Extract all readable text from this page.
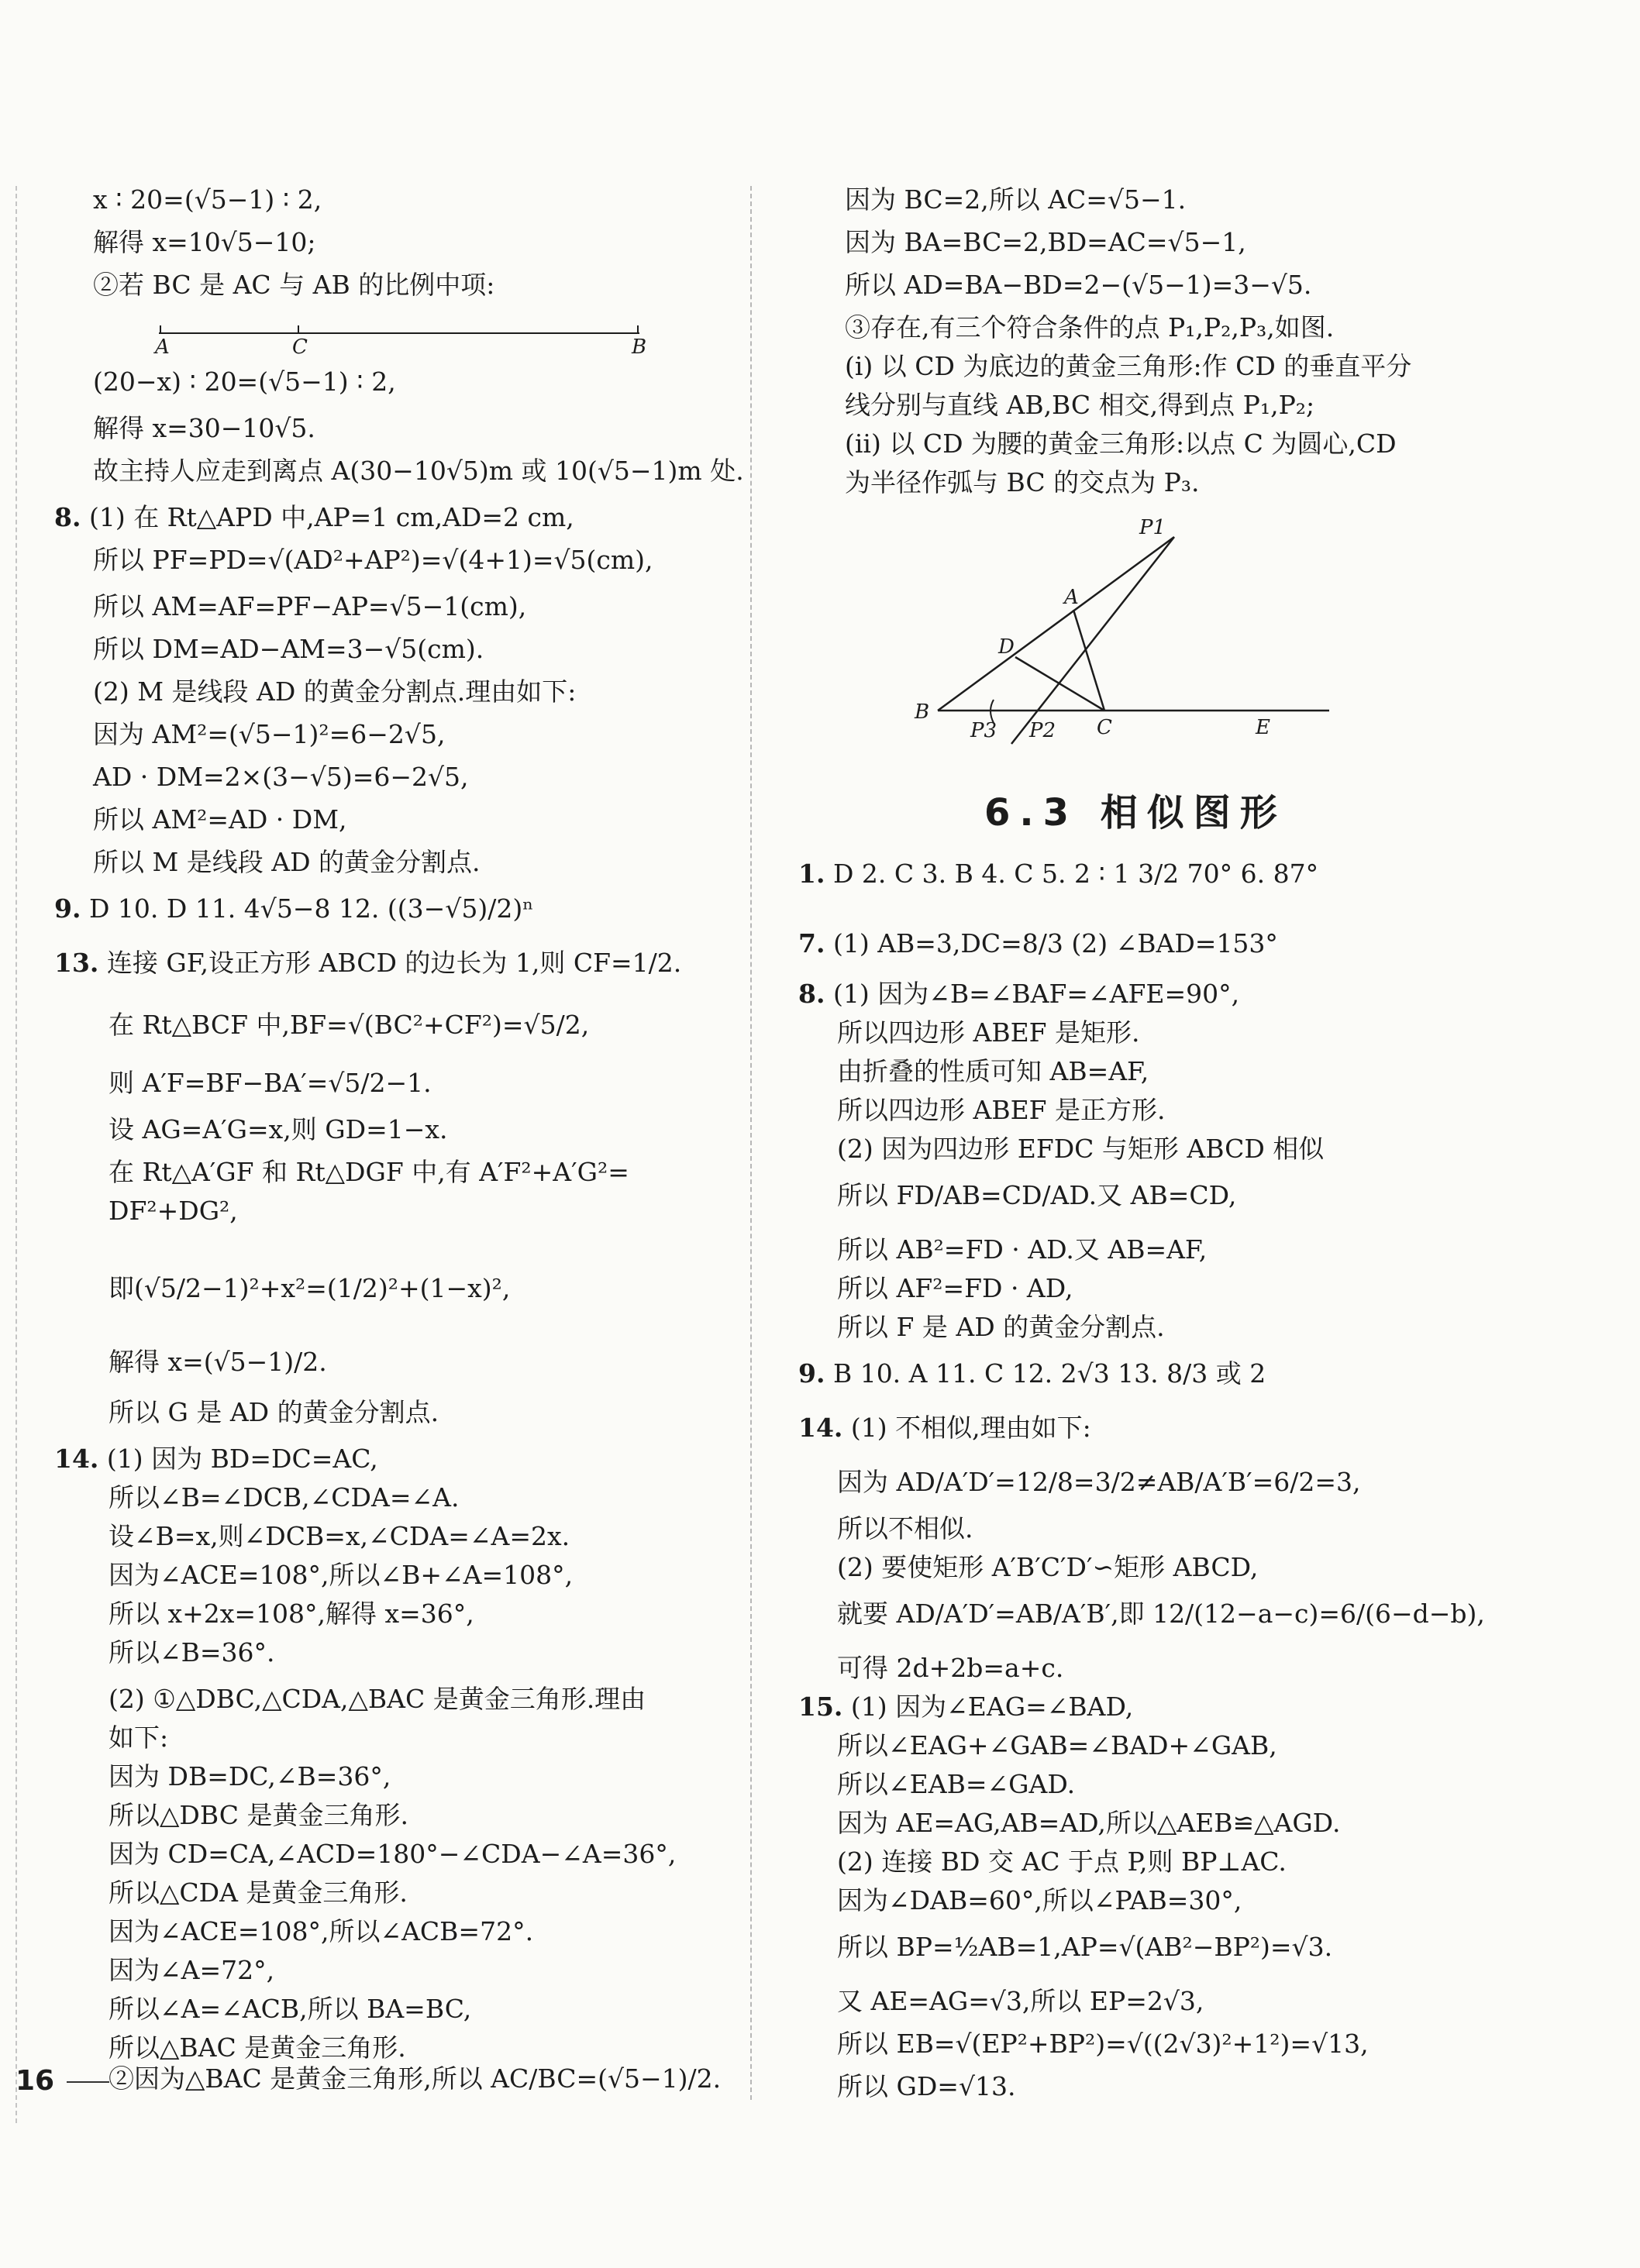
x ∶ 20=(√5−1) ∶ 2,
解得 x=10√5−10;
②若 BC 是 AC 与 AB 的比例中项:
(20−x) ∶ 20=(√5−1) ∶ 2,
解得 x=30−10√5.
故主持人应走到离点 A(30−10√5)m 或 10(√5−1)m 处.
8. (1) 在 Rt△APD 中,AP=1 cm,AD=2 cm,
所以 PF=PD=√(AD²+AP²)=√(4+1)=√5(cm),
所以 AM=AF=PF−AP=√5−1(cm),
所以 DM=AD−AM=3−√5(cm).
(2) M 是线段 AD 的黄金分割点.理由如下:
因为 AM²=(√5−1)²=6−2√5,
AD · DM=2×(3−√5)=6−2√5,
所以 AM²=AD · DM,
所以 M 是线段 AD 的黄金分割点.
9. D 10. D 11. 4√5−8 12. ((3−√5)/2)ⁿ
13. 连接 GF,设正方形 ABCD 的边长为 1,则 CF=1/2.
在 Rt△BCF 中,BF=√(BC²+CF²)=√5/2,
则 A′F=BF−BA′=√5/2−1.
设 AG=A′G=x,则 GD=1−x.
在 Rt△A′GF 和 Rt△DGF 中,有 A′F²+A′G²=
DF²+DG²,
即(√5/2−1)²+x²=(1/2)²+(1−x)²,
解得 x=(√5−1)/2.
所以 G 是 AD 的黄金分割点.
14. (1) 因为 BD=DC=AC,
所以∠B=∠DCB,∠CDA=∠A.
设∠B=x,则∠DCB=x,∠CDA=∠A=2x.
因为∠ACE=108°,所以∠B+∠A=108°,
所以 x+2x=108°,解得 x=36°,
所以∠B=36°.
(2) ①△DBC,△CDA,△BAC 是黄金三角形.理由
如下:
因为 DB=DC,∠B=36°,
所以△DBC 是黄金三角形.
因为 CD=CA,∠ACD=180°−∠CDA−∠A=36°,
所以△CDA 是黄金三角形.
因为∠ACE=108°,所以∠ACB=72°.
因为∠A=72°,
所以∠A=∠ACB,所以 BA=BC,
所以△BAC 是黄金三角形.
②因为△BAC 是黄金三角形,所以 AC/BC=(√5−1)/2.
A	C	B
因为 BC=2,所以 AC=√5−1.
因为 BA=BC=2,BD=AC=√5−1,
所以 AD=BA−BD=2−(√5−1)=3−√5.
③存在,有三个符合条件的点 P₁,P₂,P₃,如图.
(i) 以 CD 为底边的黄金三角形:作 CD 的垂直平分
线分别与直线 AB,BC 相交,得到点 P₁,P₂;
(ii) 以 CD 为腰的黄金三角形:以点 C 为圆心,CD
为半径作弧与 BC 的交点为 P₃.
1. D 2. C 3. B 4. C 5. 2 ∶ 1 3/2 70° 6. 87°
7. (1) AB=3,DC=8/3 (2) ∠BAD=153°
8. (1) 因为∠B=∠BAF=∠AFE=90°,
所以四边形 ABEF 是矩形.
由折叠的性质可知 AB=AF,
所以四边形 ABEF 是正方形.
(2) 因为四边形 EFDC 与矩形 ABCD 相似
所以 FD/AB=CD/AD.又 AB=CD,
所以 AB²=FD · AD.又 AB=AF,
所以 AF²=FD · AD,
所以 F 是 AD 的黄金分割点.
9. B 10. A 11. C 12. 2√3 13. 8/3 或 2
14. (1) 不相似,理由如下:
因为 AD/A′D′=12/8=3/2≠AB/A′B′=6/2=3,
所以不相似.
(2) 要使矩形 A′B′C′D′∽矩形 ABCD,
就要 AD/A′D′=AB/A′B′,即 12/(12−a−c)=6/(6−d−b),
可得 2d+2b=a+c.
15. (1) 因为∠EAG=∠BAD,
所以∠EAG+∠GAB=∠BAD+∠GAB,
所以∠EAB=∠GAD.
因为 AE=AG,AB=AD,所以△AEB≌△AGD.
(2) 连接 BD 交 AC 于点 P,则 BP⊥AC.
因为∠DAB=60°,所以∠PAB=30°,
所以 BP=½AB=1,AP=√(AB²−BP²)=√3.
又 AE=AG=√3,所以 EP=2√3,
所以 EB=√(EP²+BP²)=√((2√3)²+1²)=√13,
所以 GD=√13.
P1
A
D
B
P3 P2 C	E
6.3 相似图形
16
